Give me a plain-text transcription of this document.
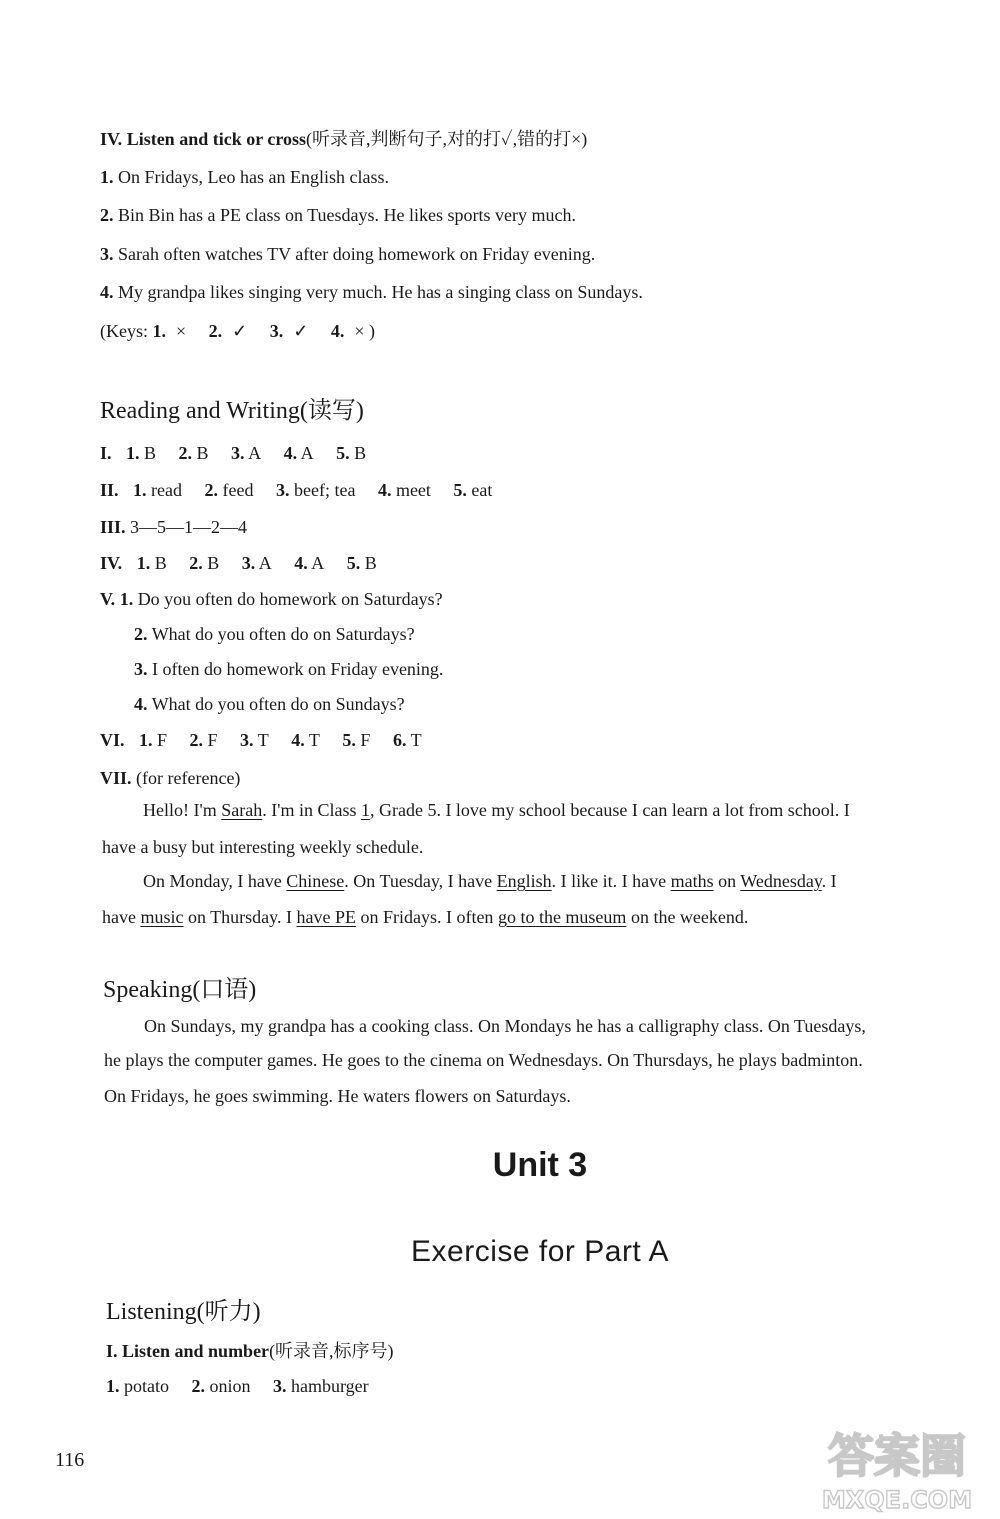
IV. Listen and tick or cross(听录音,判断句子,对的打✓,错的打×)
1. On Fridays, Leo has an English class.
2. Bin Bin has a PE class on Tuesdays. He likes sports very much.
3. Sarah often watches TV after doing homework on Friday evening.
4. My grandpa likes singing very much. He has a singing class on Sundays.
(Keys: 1. × 2. ✓ 3. ✓ 4. × )
Reading and Writing(读写)
I. 1. B 2. B 3. A 4. A 5. B
II. 1. read 2. feed 3. beef; tea 4. meet 5. eat
III. 3—5—1—2—4
IV. 1. B 2. B 3. A 4. A 5. B
V. 1. Do you often do homework on Saturdays?
2. What do you often do on Saturdays?
3. I often do homework on Friday evening.
4. What do you often do on Sundays?
VI. 1. F 2. F 3. T 4. T 5. F 6. T
VII. (for reference)
Hello! I'm Sarah. I'm in Class 1, Grade 5. I love my school because I can learn a lot from school. I
have a busy but interesting weekly schedule.
On Monday, I have Chinese. On Tuesday, I have English. I like it. I have maths on Wednesday. I
have music on Thursday. I have PE on Fridays. I often go to the museum on the weekend.
Speaking(口语)
On Sundays, my grandpa has a cooking class. On Mondays he has a calligraphy class. On Tuesdays,
he plays the computer games. He goes to the cinema on Wednesdays. On Thursdays, he plays badminton.
On Fridays, he goes swimming. He waters flowers on Saturdays.
Unit 3
Exercise for Part A
Listening(听力)
I. Listen and number(听录音,标序号)
1. potato 2. onion 3. hamburger
116	答案圈
MXQE.COM
